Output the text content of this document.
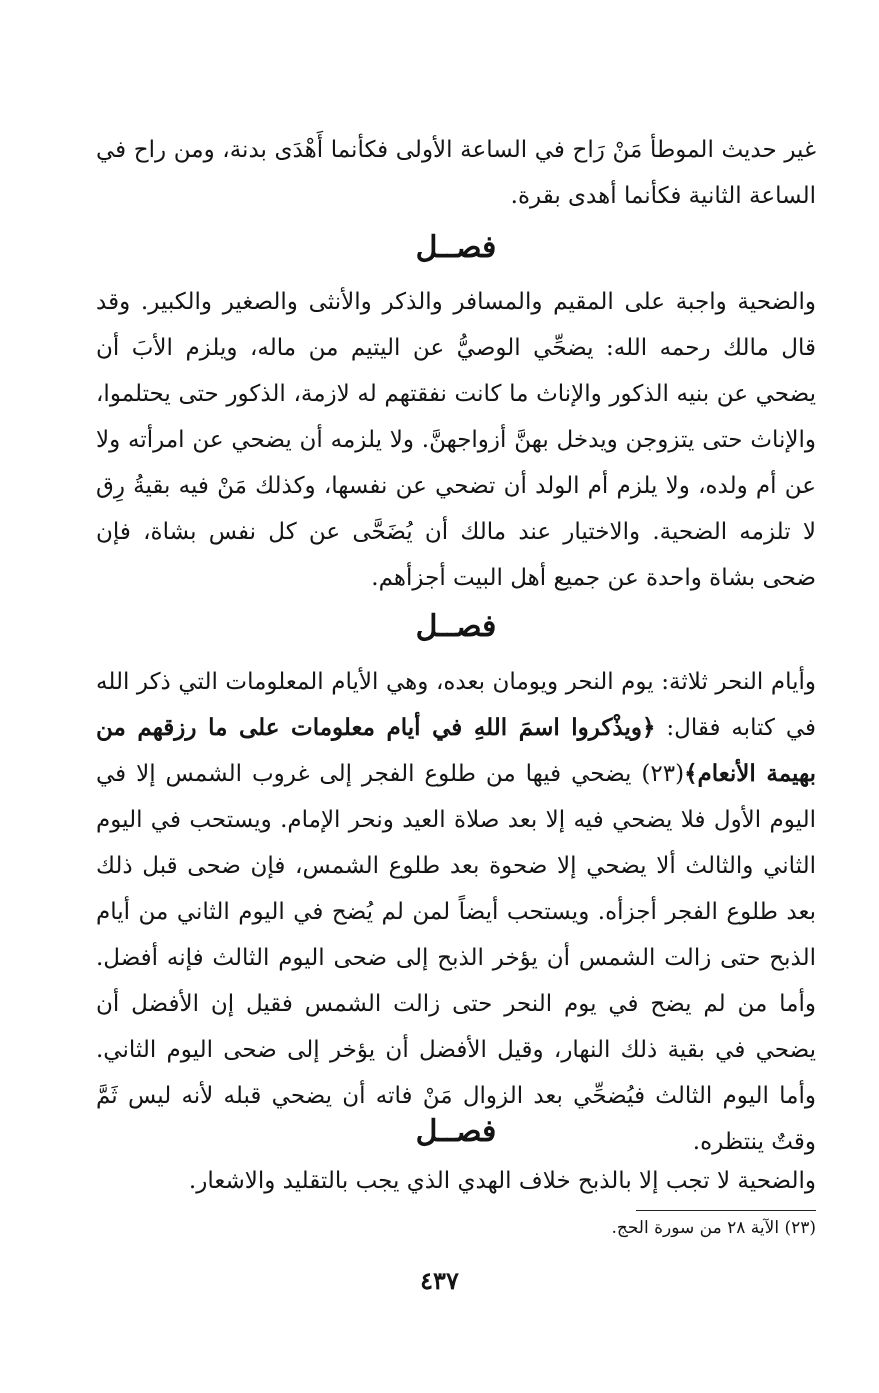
غير حديث الموطأ مَنْ رَاح في الساعة الأولى فكأنما أَهْدَى بدنة، ومن راح في الساعة الثانية فكأنما أهدى بقرة.

فصــل

والضحية واجبة على المقيم والمسافر والذكر والأنثى والصغير والكبير. وقد قال مالك رحمه الله: يضحِّي الوصيُّ عن اليتيم من ماله، ويلزم الأبَ أن يضحي عن بنيه الذكور والإناث ما كانت نفقتهم له لازمة، الذكور حتى يحتلموا، والإناث حتى يتزوجن ويدخل بهنَّ أزواجهنَّ. ولا يلزمه أن يضحي عن امرأته ولا عن أم ولده، ولا يلزم أم الولد أن تضحي عن نفسها، وكذلك مَنْ فيه بقيةُ رِق لا تلزمه الضحية. والاختيار عند مالك أن يُضَحَّى عن كل نفس بشاة، فإن ضحى بشاة واحدة عن جميع أهل البيت أجزأهم.

فصــل

وأيام النحر ثلاثة: يوم النحر ويومان بعده، وهي الأيام المعلومات التي ذكر الله في كتابه فقال: ﴿ويذْكروا اسمَ اللهِ في أيام معلومات على ما رزقهم من بهيمة الأنعام﴾(٢٣) يضحي فيها من طلوع الفجر إلى غروب الشمس إلا في اليوم الأول فلا يضحي فيه إلا بعد صلاة العيد ونحر الإمام. ويستحب في اليوم الثاني والثالث ألا يضحي إلا ضحوة بعد طلوع الشمس، فإن ضحى قبل ذلك بعد طلوع الفجر أجزأه. ويستحب أيضاً لمن لم يُضح في اليوم الثاني من أيام الذبح حتى زالت الشمس أن يؤخر الذبح إلى ضحى اليوم الثالث فإنه أفضل. وأما من لم يضح في يوم النحر حتى زالت الشمس فقيل إن الأفضل أن يضحي في بقية ذلك النهار، وقيل الأفضل أن يؤخر إلى ضحى اليوم الثاني. وأما اليوم الثالث فيُضحِّي بعد الزوال مَنْ فاته أن يضحي قبله لأنه ليس ثَمَّ وقتٌ ينتظره.

فصــل

والضحية لا تجب إلا بالذبح خلاف الهدي الذي يجب بالتقليد والاشعار.

(٢٣) الآية ٢٨ من سورة الحج.

٤٣٧
